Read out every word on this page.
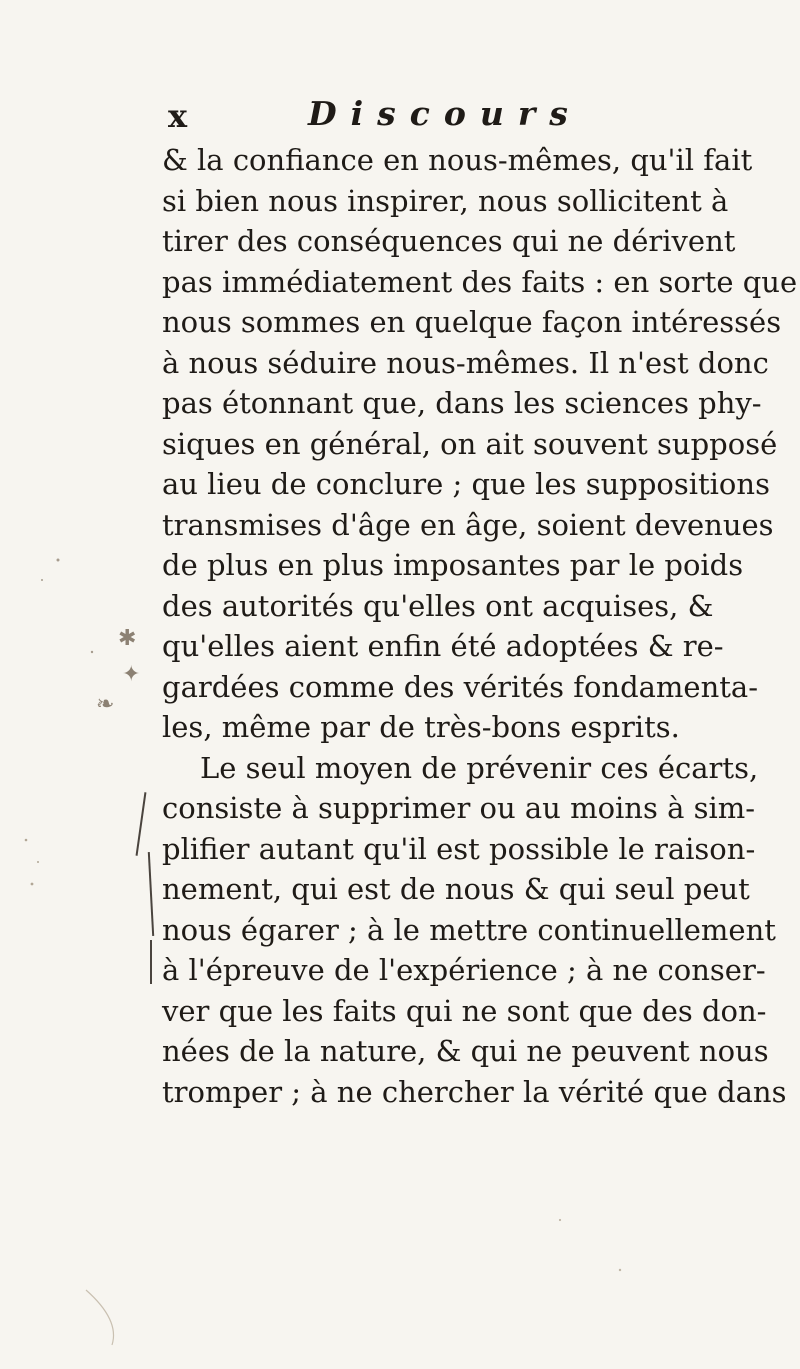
x	Discours
& la confiance en nous-mêmes, qu'il fait
si bien nous inspirer, nous sollicitent à
tirer des conséquences qui ne dérivent
pas immédiatement des faits : en sorte que
nous sommes en quelque façon intéressés
à nous séduire nous-mêmes. Il n'est donc
pas étonnant que, dans les sciences phy-
siques en général, on ait souvent supposé
au lieu de conclure ; que les suppositions
transmises d'âge en âge, soient devenues
de plus en plus imposantes par le poids
des autorités qu'elles ont acquises, &
qu'elles aient enfin été adoptées & re-
gardées comme des vérités fondamenta-
les, même par de très-bons esprits.
Le seul moyen de prévenir ces écarts,
consiste à supprimer ou au moins à sim-
plifier autant qu'il est possible le raison-
nement, qui est de nous & qui seul peut
nous égarer ; à le mettre continuellement
à l'épreuve de l'expérience ; à ne conser-
ver que les faits qui ne sont que des don-
nées de la nature, & qui ne peuvent nous
tromper ; à ne chercher la vérité que dans
✱
✦
❧
